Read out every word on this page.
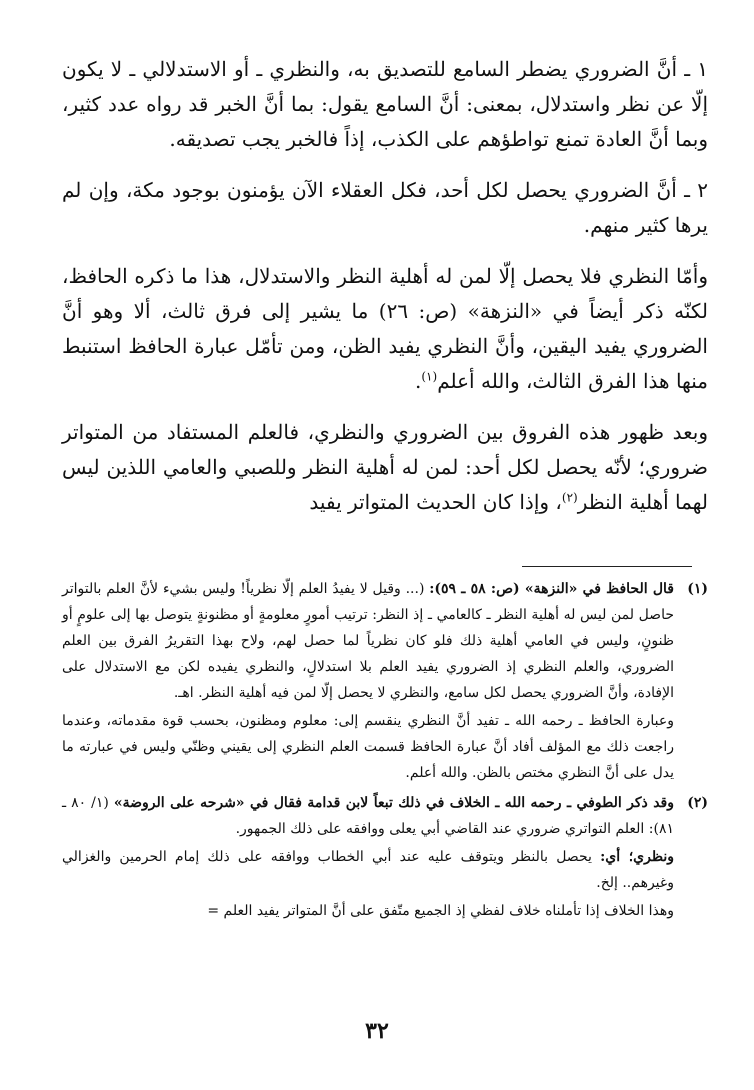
١ ـ أنَّ الضروري يضطر السامع للتصديق به، والنظري ـ أو الاستدلالي ـ لا يكون إلّا عن نظر واستدلال، بمعنى: أنَّ السامع يقول: بما أنَّ الخبر قد رواه عدد كثير، وبما أنَّ العادة تمنع تواطؤهم على الكذب، إذاً فالخبر يجب تصديقه.

٢ ـ أنَّ الضروري يحصل لكل أحد، فكل العقلاء الآن يؤمنون بوجود مكة، وإن لم يرها كثير منهم.

وأمّا النظري فلا يحصل إلّا لمن له أهلية النظر والاستدلال، هذا ما ذكره الحافظ، لكنّه ذكر أيضاً في «النزهة» (ص: ٢٦) ما يشير إلى فرق ثالث، ألا وهو أنَّ الضروري يفيد اليقين، وأنَّ النظري يفيد الظن، ومن تأمّل عبارة الحافظ استنبط منها هذا الفرق الثالث، والله أعلم$^{(١)}$.

وبعد ظهور هذه الفروق بين الضروري والنظري، فالعلم المستفاد من المتواتر ضروري؛ لأنّه يحصل لكل أحد: لمن له أهلية النظر وللصبي والعامي اللذين ليس لهما أهلية النظر$^{(٢)}$، وإذا كان الحديث المتواتر يفيد

(١)

قال الحافظ في «النزهة» (ص: ٥٨ ـ ٥٩): (... وقيل لا يفيدُ العلم إلّا نظرياً! وليس بشيء لأنَّ العلم بالتواتر حاصل لمن ليس له أهلية النظر ـ كالعامي ـ إذ النظر: ترتيب أمورٍ معلومةٍ أو مظنونةٍ يتوصل بها إلى علومٍ أو ظنونٍ، وليس في العامي أهلية ذلك فلو كان نظرياً لما حصل لهم، ولاح بهذا التقريرُ الفرق بين العلم الضروري، والعلم النظري إذ الضروري يفيد العلم بلا استدلالٍ، والنظري يفيده لكن مع الاستدلال على الإفادة، وأنَّ الضروري يحصل لكل سامع، والنظري لا يحصل إلّا لمن فيه أهلية النظر. اهـ.

وعبارة الحافظ ـ رحمه الله ـ تفيد أنَّ النظري ينقسم إلى: معلوم ومظنون، بحسب قوة مقدماته، وعندما راجعت ذلك مع المؤلف أفاد أنَّ عبارة الحافظ قسمت العلم النظري إلى يقيني وظنّي وليس في عبارته ما يدل على أنَّ النظري مختص بالظن. والله أعلم.

(٢)

وقد ذكر الطوفي ـ رحمه الله ـ الخلاف في ذلك تبعاً لابن قدامة فقال في «شرحه على الروضة» (١/ ٨٠ ـ ٨١): العلم التواتري ضروري عند القاضي أبي يعلى ووافقه على ذلك الجمهور.

ونظري؛ أي: يحصل بالنظر ويتوقف عليه عند أبي الخطاب ووافقه على ذلك إمام الحرمين والغزالي وغيرهم.. إلخ.

وهذا الخلاف إذا تأملناه خلاف لفظي إذ الجميع متّفق على أنَّ المتواتر يفيد العلم =

٣٢
